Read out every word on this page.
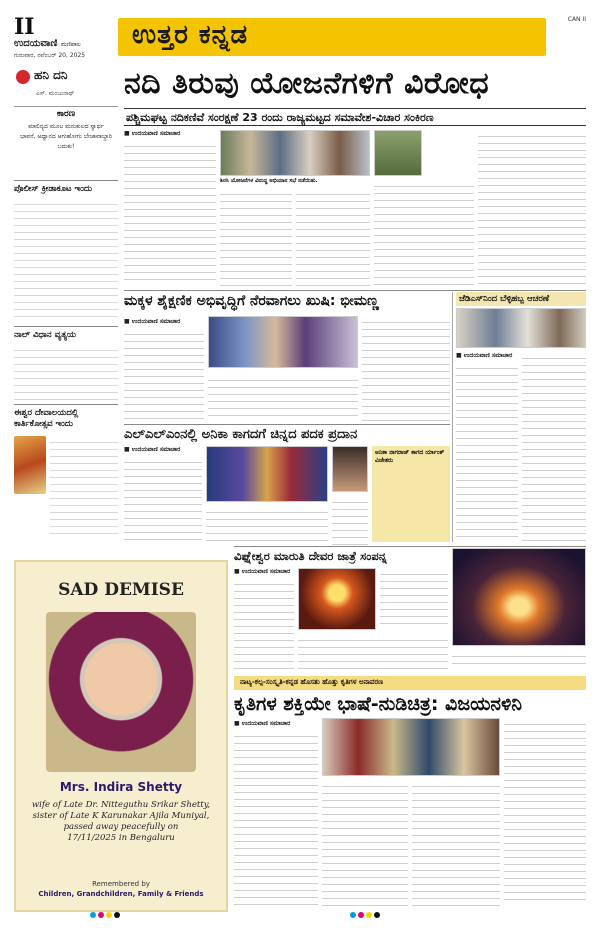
II
ಉದಯವಾಣಿ ಮಣಿಪಾಲ
ಗುರುವಾರ, ನವೆಂಬರ್ 20, 2025
ಉತ್ತರ ಕನ್ನಡ
CAN II
ಹನಿ ದನಿ
ಎಸ್. ಮಂಜುನಾಥ್
ಕಾರಣ
ಮಾಲಿನ್ಯದ ಮೂಲ ಮನುಕುಲದ ಸ್ವಾರ್ಥ ಭಾವನೆ, ಅಧ್ವಾನದ ಆಗುಹೋಗು ಬೇಜಾವಾಬ್ದಾರಿ ಬದುಕು!
ಪೊಲೀಸ್‌ ಕ್ರೀಡಾಕೂಟ ಇಂದು
ನಾಲ್ ವಿಧಾನ ವ್ಯತ್ಯಯ
ಈಶ್ವರ ದೇವಾಲಯದಲ್ಲಿ ಕಾರ್ತಿಕೋತ್ಸವ ಇಂದು
ನದಿ ತಿರುವು ಯೋಜನೆಗಳಿಗೆ ವಿರೋಧ
ಪಶ್ಚಿಮಘಟ್ಟ ನದಿಕಣಿವೆ ಸಂರಕ್ಷಣೆ 23 ರಂದು ರಾಜ್ಯಮಟ್ಟದ ಸಮಾವೇಶ-ವಿಚಾರ ಸಂಕಿರಣ
■ ಉದಯವಾಣಿ ಸಮಾಚಾರ
ಶಿರಸಿ ಯೋಜನೆಗಳ ವಿರುದ್ಧ ಅಭಿಯಾನ ಸಭೆ ನಡೆಯಿತು.
ಮಕ್ಕಳ ಶೈಕ್ಷಣಿಕ ಅಭಿವೃದ್ಧಿಗೆ ನೆರವಾಗಲು ಖುಷಿ: ಭೀಮಣ್ಣ
■ ಉದಯವಾಣಿ ಸಮಾಚಾರ
ಜೆಡಿಎಸ್‌ನಿಂದ ಬೆಳ್ಳಿಹಬ್ಬ ಆಚರಣೆ
■ ಉದಯವಾಣಿ ಸಮಾಚಾರ
ಎಲ್‌ಎಲ್‌ಎಂನಲ್ಲಿ ಅನಿಕಾ ಕಾಗದಗೆ ಚಿನ್ನದ ಪದಕ ಪ್ರದಾನ
■ ಉದಯವಾಣಿ ಸಮಾಚಾರ	ಅನಿಕಾ ನಾಗರಾಜ್ ಕಾಗದ ರ್ಯಾಂಕ್ ವಿಜೇತರು
ವಿಘ್ನೇಶ್ವರ ಮಾರುತಿ ದೇವರ ಜಾತ್ರೆ ಸಂಪನ್ನ
■ ಉದಯವಾಣಿ ಸಮಾಚಾರ
SAD DEMISE
Mrs. Indira Shetty
wife of Late Dr. Nitteguthu Srikar Shetty,
sister of Late K Karunakar Ajila Muniyal,
passed away peacefully on
17/11/2025 in Bengaluru
Remembered by
Children, Grandchildren, Family & Friends
ನಾಟ್ಯ-ಕಲ್ಪ-ಸಂಸ್ಕೃತಿ-ಕನ್ನಡ ಹೊಸತು ಹೊತ್ತು ಕೃತಿಗಳ ಅನಾವರಣ
ಕೃತಿಗಳ ಶಕ್ತಿಯೇ ಭಾಷೆ-ನುಡಿಚಿತ್ರ: ವಿಜಯನಳಿನಿ
■ ಉದಯವಾಣಿ ಸಮಾಚಾರ
